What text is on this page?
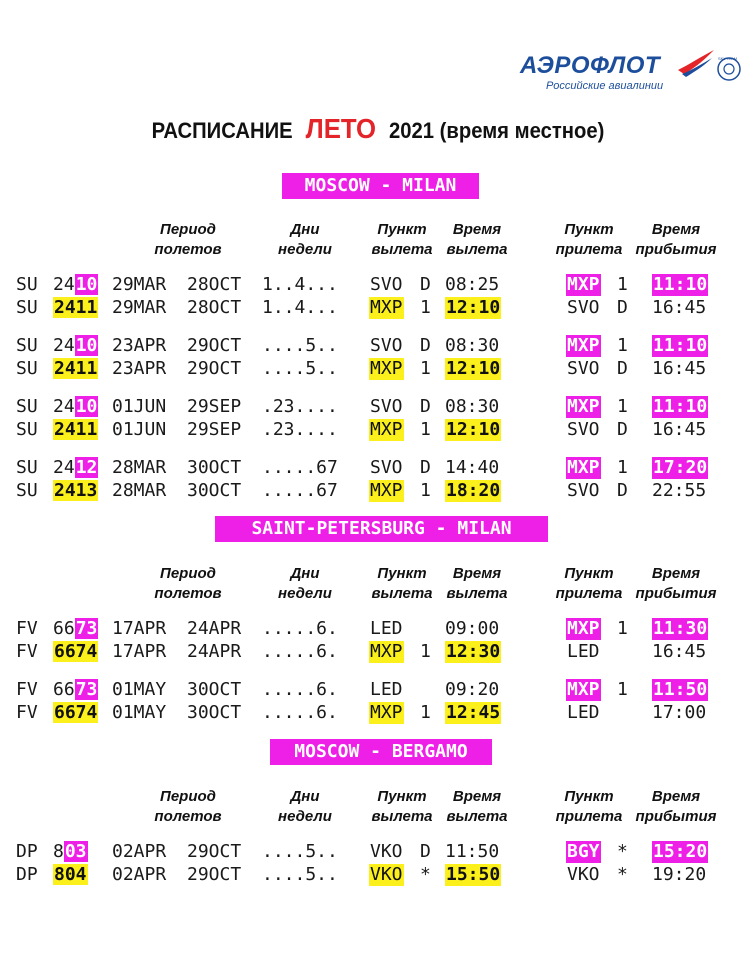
АЭРОФЛОТ
Российские авиалинии
SKYTEAM
РАСПИСАНИЕ ЛЕТО 2021 (время местное)
MOSCOW - MILAN
Период
полетов
Дни
недели
Пункт
вылета
Время
вылета
Пункт
прилета
Время
прибытия
SU 2410 29MAR 28OCT 1..4... SVO D 08:25	MXP 1 11:10
SU 2411 29MAR 28OCT 1..4... MXP 1 12:10	SVO D 16:45
SU 2410 23APR 29OCT ....5.. SVO D 08:30	MXP 1 11:10
SU 2411 23APR 29OCT ....5.. MXP 1 12:10	SVO D 16:45
SU 2410 01JUN 29SEP .23.... SVO D 08:30	MXP 1 11:10
SU 2411 01JUN 29SEP .23.... MXP 1 12:10	SVO D 16:45
SU 2412 28MAR 30OCT .....67 SVO D 14:40	MXP 1 17:20
SU 2413 28MAR 30OCT .....67 MXP 1 18:20	SVO D 22:55
SAINT-PETERSBURG - MILAN
Период
полетов
Дни
недели
Пункт
вылета
Время
вылета
Пункт
прилета
Время
прибытия
FV 6673 17APR 24APR .....6. LED 09:00	MXP 1 11:30
FV 6674 17APR 24APR .....6. MXP 1 12:30	LED	16:45
FV 6673 01MAY 30OCT .....6. LED 09:20	MXP 1 11:50
FV 6674 01MAY 30OCT .....6. MXP 1 12:45	LED	17:00
MOSCOW - BERGAMO
Период
полетов
Дни
недели
Пункт
вылета
Время
вылета
Пункт
прилета
Время
прибытия
DP 803 02APR 29OCT ....5.. VKO D 11:50	BGY * 15:20
DP 804 02APR 29OCT ....5.. VKO * 15:50	VKO * 19:20
